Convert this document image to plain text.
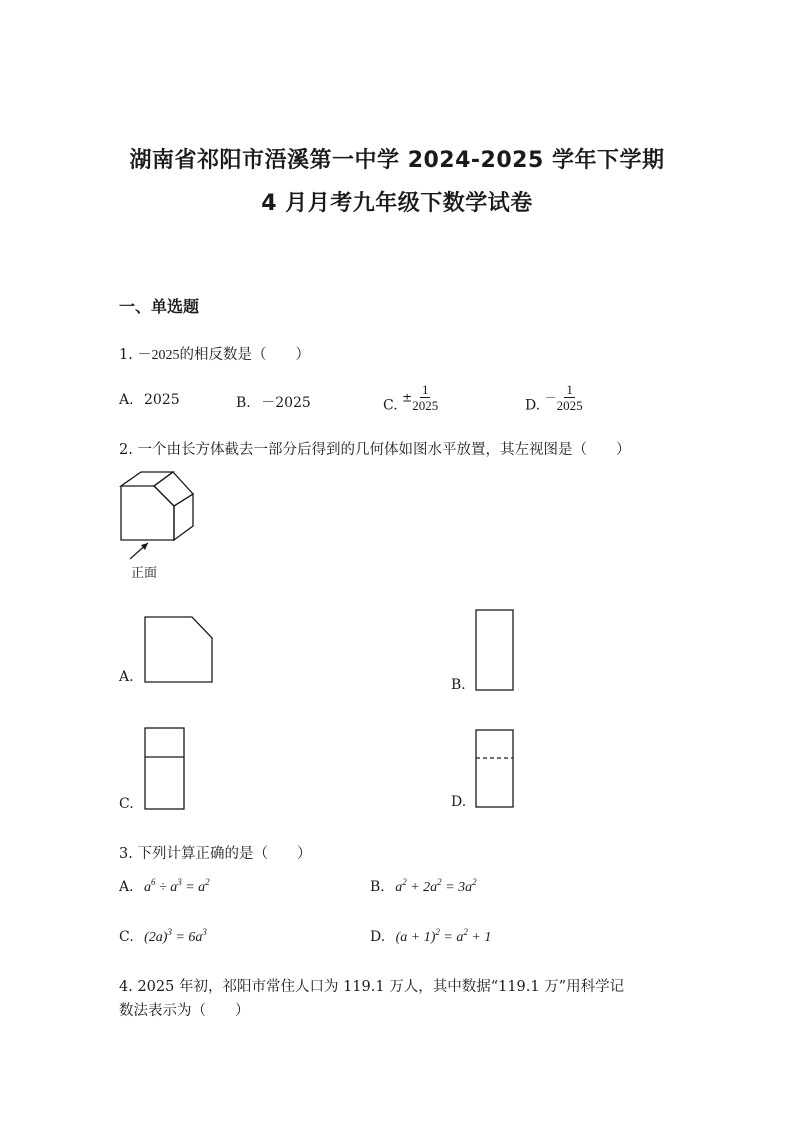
湖南省祁阳市浯溪第一中学 2024-2025 学年下学期
4 月月考九年级下数学试卷
一、单选题
1. －2025的相反数是（　　）
A. 2025	B. －2025	C. ± $\frac{1}{2025}$	D. － $\frac{1}{2025}$
2. 一个由长方体截去一部分后得到的几何体如图水平放置，其左视图是（　　）
正面
A.	B.
C.	D.
3. 下列计算正确的是（　　）
A. $a^6 \div a^3 = a^2$	B. $a^2 + 2a^2 = 3a^2$
C. $(2a)^3 = 6a^3$	D. $(a + 1)^2 = a^2 + 1$
4. 2025 年初，祁阳市常住人口为 119.1 万人，其中数据“119.1 万”用科学记
数法表示为（　　）
